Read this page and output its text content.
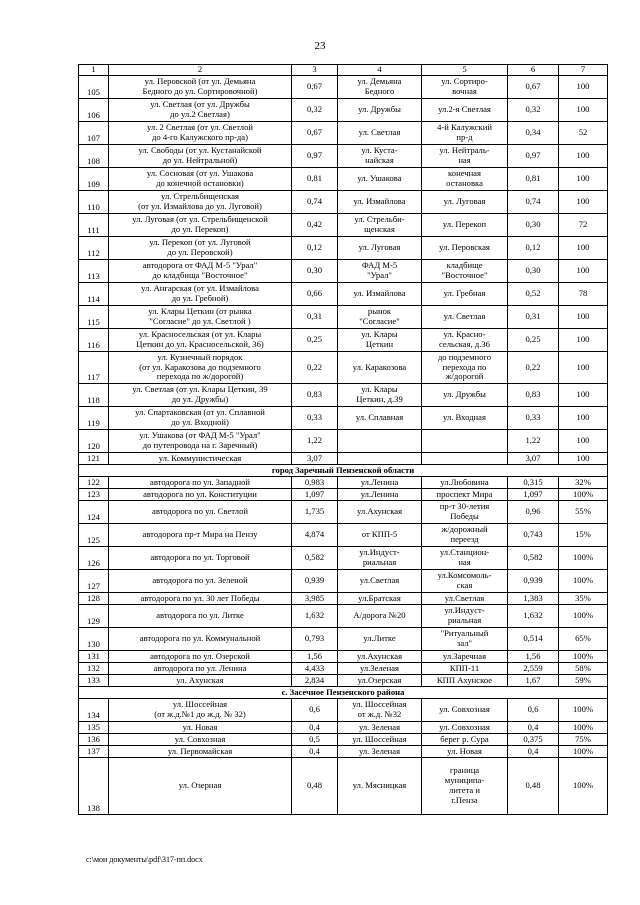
23
1	2	3	4	5	6	7
105	ул. Перовской (от ул. Демьяна
Бедного до ул. Сортировочной)	0,67	ул. Демьяна
Бедного	ул. Сортиро-
вочная	0,67	100
106	ул. Светлая (от ул. Дружбы
до ул.2 Светлая)	0,32	ул. Дружбы	ул.2-я Светлая	0,32	100
107	ул. 2 Светлая (от ул. Светлой
до 4-го Калужского пр-да)	0,67	ул. Светлая	4-й Калужский
пр-д	0,34	52
108	ул. Свободы (от ул. Кустанайской
до ул. Нейтральной)	0,97	ул. Куста-
найская	ул. Нейтраль-
ная	0,97	100
109	ул. Сосновая (от ул. Ушакова
до конечной остановки)	0,81	ул. Ушакова	конечная
остановка	0,81	100
110	ул. Стрельбищенская
(от ул. Измайлова до ул. Луговой)	0,74	ул. Измайлова	ул. Луговая	0,74	100
111	ул. Луговая (от ул. Стрельбищенской
до ул. Перекоп)	0,42	ул. Стрельби-
щенская	ул. Перекоп	0,30	72
112	ул. Перекоп (от ул. Луговой
до ул. Перовской)	0,12	ул. Луговая	ул. Перовская	0,12	100
113	автодорога от ФАД М-5 "Урал"
до кладбища "Восточное"	0,30	ФАД М-5
"Урал"	кладбище
"Восточное"	0,30	100
114	ул. Ангарская (от ул. Измайлова
до ул. Гребной)	0,66	ул. Измайлова	ул. Гребная	0,52	78
115	ул. Клары Цеткин (от рынка
"Согласие" до ул. Светлой )	0,31	рынок
"Согласие"	ул. Светлая	0,31	100
116	ул. Красносельская (от ул. Клары
Цеткин до ул. Красносельской, 36)	0,25	ул. Клары
Цеткин	ул. Красно-
сельская, д.36	0,25	100
117	ул. Кузнечный порядок
(от ул. Каракозова до подземного
перехода по ж/дорогой)	0,22	ул. Каракозова	до подземного
перехода по
ж/дорогой	0,22	100
118	ул. Светлая (от ул. Клары Цеткин, 39
до ул. Дружбы)	0,83	ул. Клары
Цеткин, д.39	ул. Дружбы	0,83	100
119	ул. Спартаковская (от ул. Сплавной
до ул. Входной)	0,33	ул. Сплавная	ул. Входная	0,33	100
120	ул. Ушакова (от ФАД М-5 "Урал"
до путепровода на г. Заречный)	1,22			1,22	100
121	ул. Коммунистическая	3,07			3,07	100
город Заречный Пензенской области						
122	автодорога по ул. Западной	0,983	ул.Ленина	ул.Любовина	0,315	32%
123	автодорога по ул. Конституции	1,097	ул.Ленина	проспект Мира	1,097	100%
124	автодорога по ул. Светлой	1,735	ул.Ахунская	пр-т 30-летия
Победы	0,96	55%
125	автодорога пр-т Мира на Пензу	4,874	от КПП-5	ж/дорожный
переезд	0,743	15%
126	автодорога по ул. Торговой	0,582	ул.Индуст-
риальная	ул.Станцион-
ная	0,582	100%
127	автодорога по ул. Зеленой	0,939	ул.Светлая	ул.Комсомоль-
ская	0,939	100%
128	автодорога по ул. 30 лет Победы	3,985	ул.Братская	ул.Светлая	1,383	35%
129	автодорога по ул. Литке	1,632	А/дорога №20	ул.Индуст-
риальная	1,632	100%
130	автодорога по ул. Коммунальной	0,793	ул.Литке	"Ритуальный
зал"	0,514	65%
131	автодорога по ул. Озерской	1,56	ул.Ахунская	ул.Заречная	1,56	100%
132	автодорога по ул. Ленина	4,433	ул.Зеленая	КПП-11	2,559	58%
133	ул. Ахунская	2,834	ул.Озерская	КПП Ахунское	1,67	59%
с. Засечное Пензенского района						
134	ул. Шоссейная
(от ж.д.№1 до ж.д. № 32)	0,6	ул. Шоссейная
от ж.д. №32	ул. Совхозная	0,6	100%
135	ул. Новая	0,4	ул. Зеленая	ул. Совхозная	0,4	100%
136	ул. Совхозная	0,5	ул. Шоссейная	берег р. Сура	0,375	75%
137	ул. Первомайская	0,4	ул. Зеленая	ул. Новая	0,4	100%
138	ул. Озерная	0,48	ул. Мясницкая	граница
муниципа-
литета и
г.Пенза	0,48	100%
c:\мои документы\pdf\317-пп.docx
